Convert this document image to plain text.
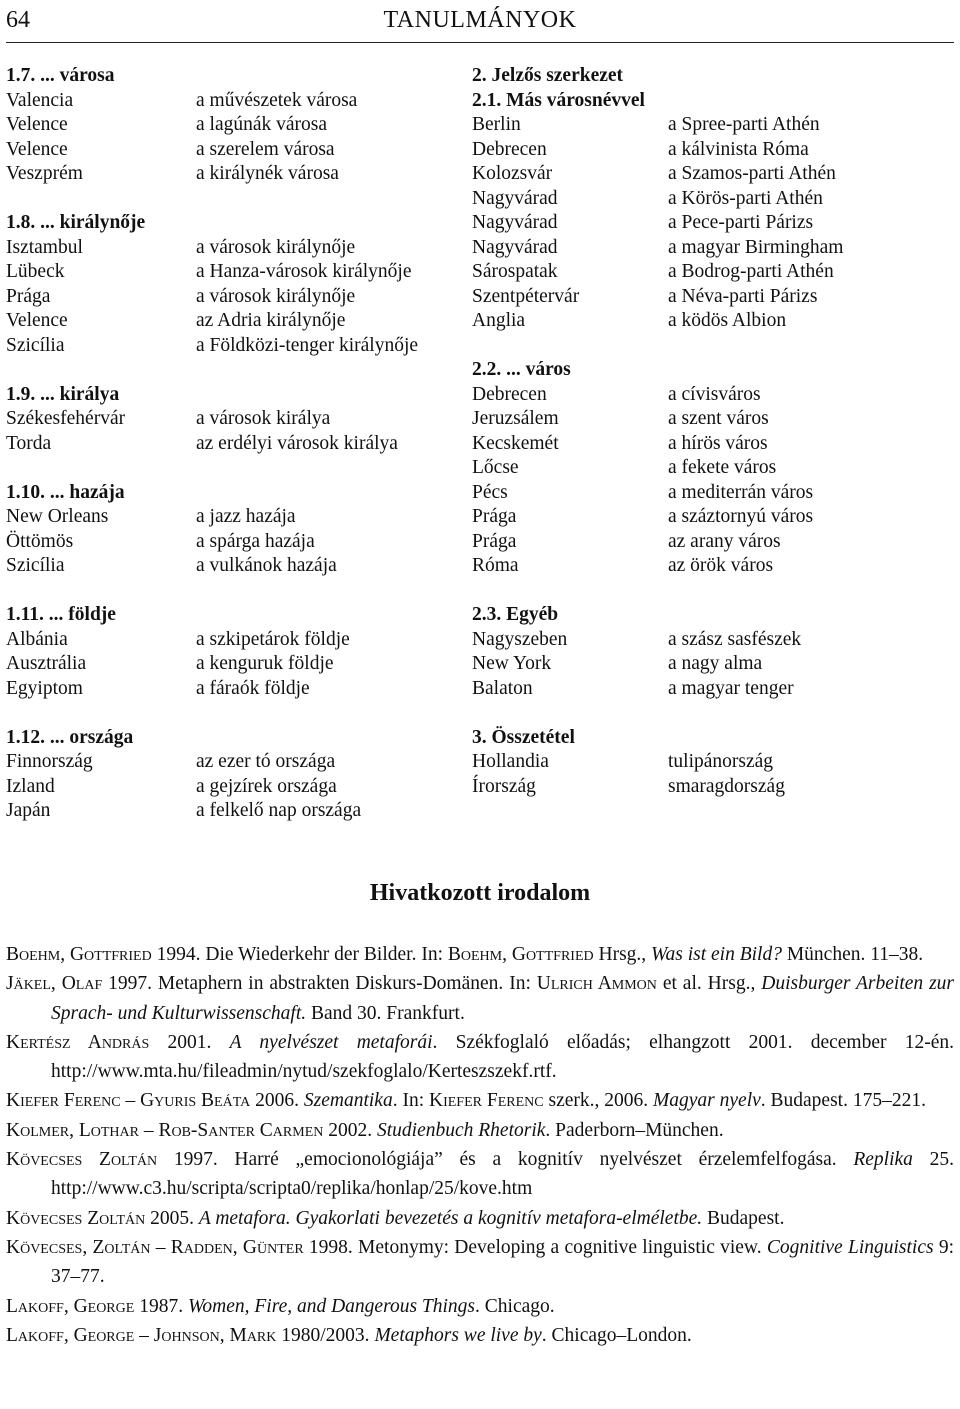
64	TANULMÁNYOK
1.7. ... városa
Valencia	a művészetek városa
Velence	a lagúnák városa
Velence	a szerelem városa
Veszprém	a királynék városa
1.8. ... királynője
Isztambul	a városok királynője
Lübeck	a Hanza-városok királynője
Prága	a városok királynője
Velence	az Adria királynője
Szicília	a Földközi-tenger királynője
1.9. ... királya
Székesfehérvár	a városok királya
Torda	az erdélyi városok királya
1.10. ... hazája
New Orleans	a jazz hazája
Öttömös	a spárga hazája
Szicília	a vulkánok hazája
1.11. ... földje
Albánia	a szkipetárok földje
Ausztrália	a kenguruk földje
Egyiptom	a fáraók földje
1.12. ... országa
Finnország	az ezer tó országa
Izland	a gejzírek országa
Japán	a felkelő nap országa
2. Jelzős szerkezet
2.1. Más városnévvel
Berlin	a Spree-parti Athén
Debrecen	a kálvinista Róma
Kolozsvár	a Szamos-parti Athén
Nagyvárad	a Körös-parti Athén
Nagyvárad	a Pece-parti Párizs
Nagyvárad	a magyar Birmingham
Sárospatak	a Bodrog-parti Athén
Szentpétervár	a Néva-parti Párizs
Anglia	a ködös Albion
2.2. ... város
Debrecen	a cívisváros
Jeruzsálem	a szent város
Kecskemét	a hírös város
Lőcse	a fekete város
Pécs	a mediterrán város
Prága	a száztornyú város
Prága	az arany város
Róma	az örök város
2.3. Egyéb
Nagyszeben	a szász sasfészek
New York	a nagy alma
Balaton	a magyar tenger
3. Összetétel
Hollandia	tulipánország
Írország	smaragdország
Hivatkozott irodalom

Boehm, Gottfried 1994. Die Wiederkehr der Bilder. In: Boehm, Gottfried Hrsg., Was ist ein Bild? München. 11–38.

Jäkel, Olaf 1997. Metaphern in abstrakten Diskurs-Domänen. In: Ulrich Ammon et al. Hrsg., Duisburger Arbeiten zur Sprach- und Kulturwissenschaft. Band 30. Frankfurt.

Kertész András 2001. A nyelvészet metaforái. Székfoglaló előadás; elhangzott 2001. december 12-én. http://www.mta.hu/fileadmin/nytud/szekfoglalo/Kerteszszekf.rtf.

Kiefer Ferenc – Gyuris Beáta 2006. Szemantika. In: Kiefer Ferenc szerk., 2006. Magyar nyelv. Budapest. 175–221.

Kolmer, Lothar – Rob-Santer Carmen 2002. Studienbuch Rhetorik. Paderborn–München.

Kövecses Zoltán 1997. Harré „emocionológiája” és a kognitív nyelvészet érzelemfelfogása. Replika 25. http://www.c3.hu/scripta/scripta0/replika/honlap/25/kove.htm

Kövecses Zoltán 2005. A metafora. Gyakorlati bevezetés a kognitív metafora-elméletbe. Budapest.

Kövecses, Zoltán – Radden, Günter 1998. Metonymy: Developing a cognitive linguistic view. Cognitive Linguistics 9: 37–77.

Lakoff, George 1987. Women, Fire, and Dangerous Things. Chicago.

Lakoff, George – Johnson, Mark 1980/2003. Metaphors we live by. Chicago–London.
